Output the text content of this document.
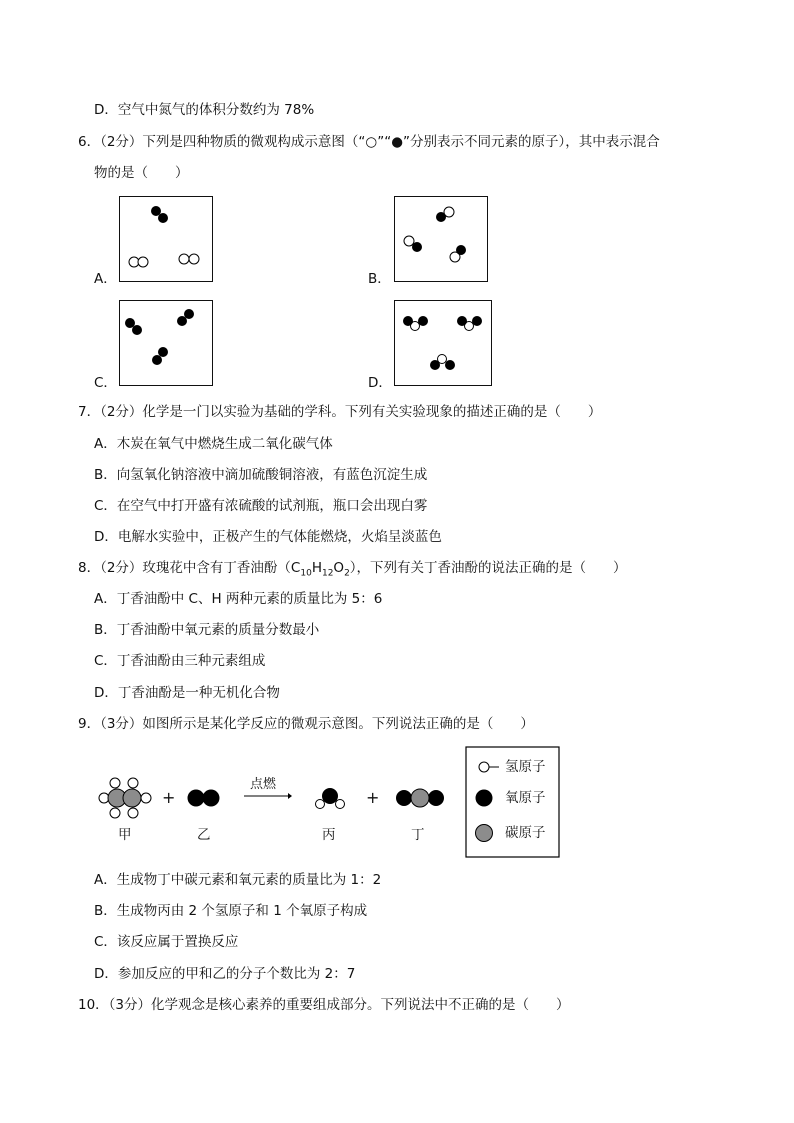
D．空气中氮气的体积分数约为 78%
6．（2分）下列是四种物质的微观构成示意图（“○”“●”分别表示不同元素的原子），其中表示混合
物的是（　　）
A．	B．
C．	D．
7．（2分）化学是一门以实验为基础的学科。下列有关实验现象的描述正确的是（　　）
A．木炭在氧气中燃烧生成二氧化碳气体
B．向氢氧化钠溶液中滴加硫酸铜溶液，有蓝色沉淀生成
C．在空气中打开盛有浓硫酸的试剂瓶，瓶口会出现白雾
D．电解水实验中，正极产生的气体能燃烧，火焰呈淡蓝色
8．（2分）玫瑰花中含有丁香油酚$(C_{10}H_{12}O_2)$，下列有关丁香油酚的说法正确的是（　　）
A．丁香油酚中 C、H 两种元素的质量比为 5：6
B．丁香油酚中氧元素的质量分数最小
C．丁香油酚由三种元素组成
D．丁香油酚是一种无机化合物
9．（3分）如图所示是某化学反应的微观示意图。下列说法正确的是（　　）
+	+
点燃
甲	乙	丙	丁
氢原子
氧原子
碳原子
A．生成物丁中碳元素和氧元素的质量比为 1：2
B．生成物丙由 2 个氢原子和 1 个氧原子构成
C．该反应属于置换反应
D．参加反应的甲和乙的分子个数比为 2：7
10．（3分）化学观念是核心素养的重要组成部分。下列说法中不正确的是（　　）
